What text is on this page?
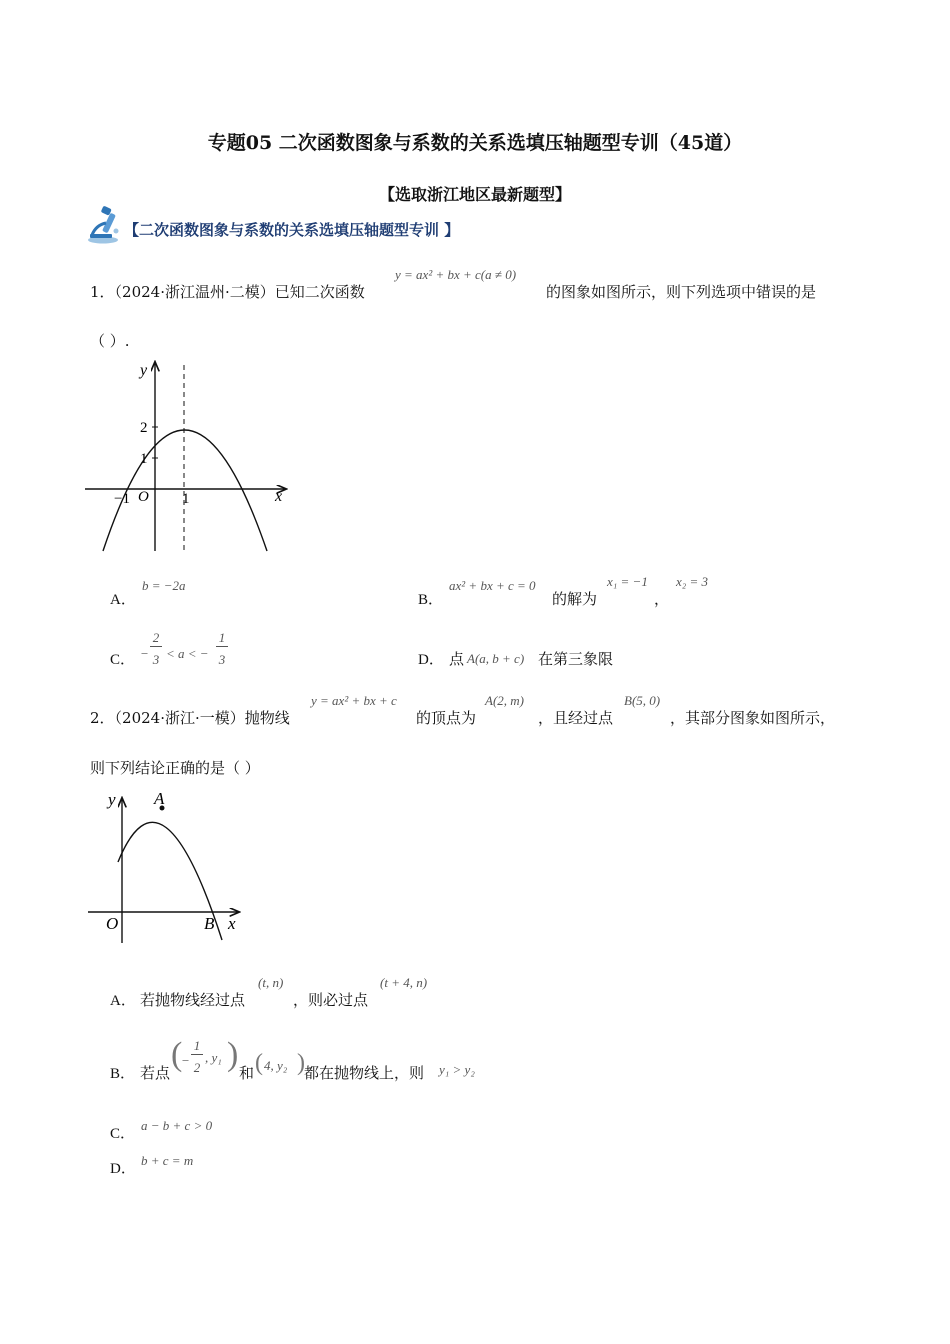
专题05 二次函数图象与系数的关系选填压轴题型专训（45道）
【选取浙江地区最新题型】
【二次函数图象与系数的关系选填压轴题型专训 】
1．（2024·浙江温州·二模）已知二次函数
y = ax² + bx + c(a ≠ 0)
的图象如图所示，则下列选项中错误的是
（ ）.
y
x
O
2
1
−1	1
A．
b = −2a
B．
ax² + bx + c = 0
的解为
x₁ = −1
，
x₂ = 3
C． −
2
3 < a < −
1
3	D． 点 A(a, b + c) 在第三象限
2．（2024·浙江·一模）抛物线
y = ax² + bx + c
的顶点为
A(2, m)
，且经过点
B(5, 0)
，其部分图象如图所示，
则下列结论正确的是（ ）
y
x
O
A
B
A． 若抛物线经过点
(t, n)
，则必过点
(t + 4, n)
B． 若点 (
−
1
2
, y₁ ) 和 ( 4, y₂ ) 都在抛物线上，则 y₁ > y₂
C．
a − b + c > 0
D．
b + c = m
